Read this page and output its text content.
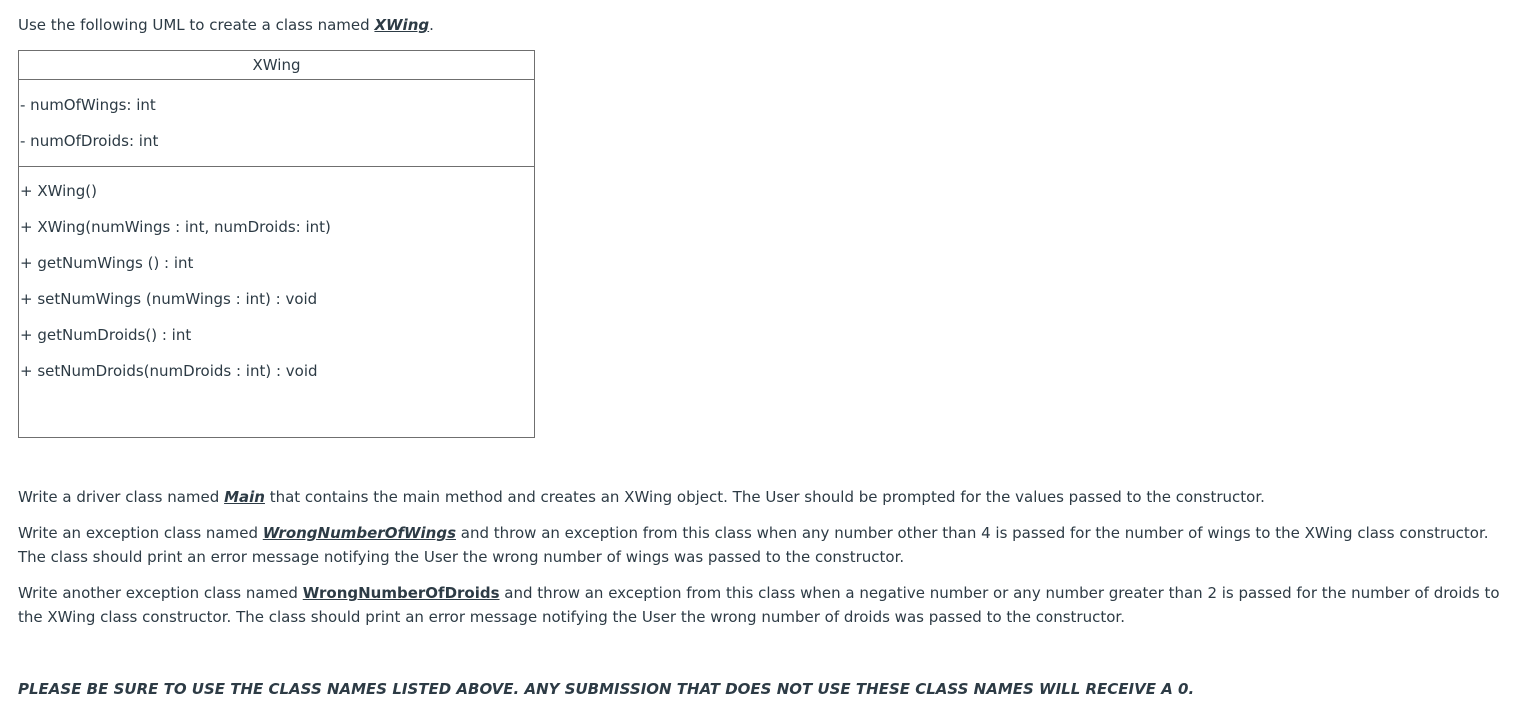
Use the following UML to create a class named XWing.

XWing
- numOfWings: int
- numOfDroids: int
+ XWing()
+ XWing(numWings : int, numDroids: int)
+ getNumWings () : int
+ setNumWings (numWings : int) : void
+ getNumDroids() : int
+ setNumDroids(numDroids : int) : void

Write a driver class named Main that contains the main method and creates an XWing object. The User should be prompted for the values passed to the constructor.

Write an exception class named WrongNumberOfWings and throw an exception from this class when any number other than 4 is passed for the number of wings to the XWing class constructor. The class should print an error message notifying the User the wrong number of wings was passed to the constructor.

Write another exception class named WrongNumberOfDroids and throw an exception from this class when a negative number or any number greater than 2 is passed for the number of droids to the XWing class constructor. The class should print an error message notifying the User the wrong number of droids was passed to the constructor.

PLEASE BE SURE TO USE THE CLASS NAMES LISTED ABOVE. ANY SUBMISSION THAT DOES NOT USE THESE CLASS NAMES WILL RECEIVE A 0.
